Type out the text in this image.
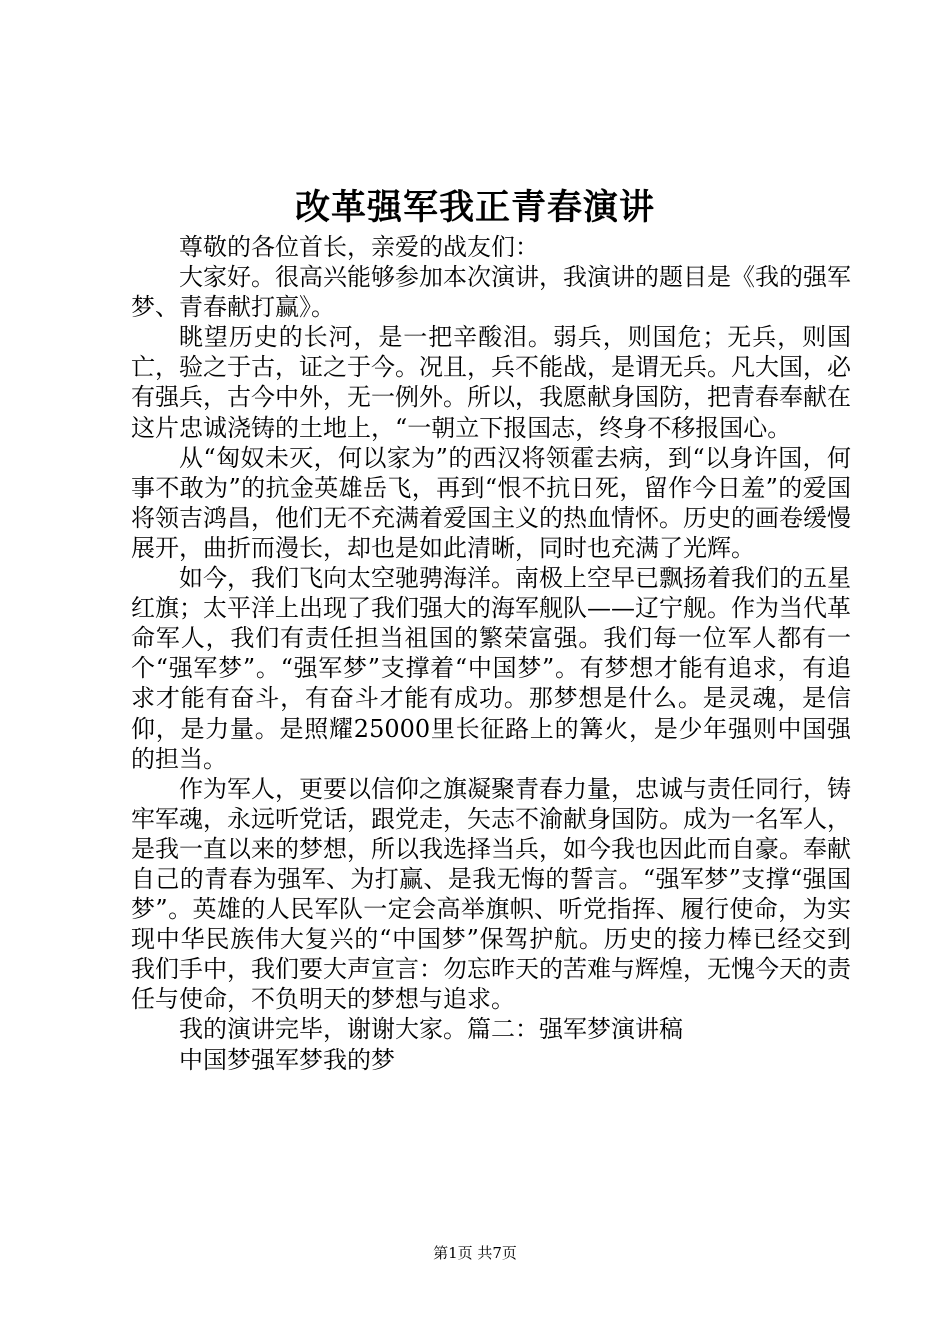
改革强军我正青春演讲

尊敬的各位首长，亲爱的战友们：

大家好。很高兴能够参加本次演讲，我演讲的题目是《我的强军梦、青春献打赢》。

眺望历史的长河，是一把辛酸泪。弱兵，则国危；无兵，则国亡，验之于古，证之于今。况且，兵不能战，是谓无兵。凡大国，必有强兵，古今中外，无一例外。所以，我愿献身国防，把青春奉献在这片忠诚浇铸的土地上，“一朝立下报国志，终身不移报国心。

从“匈奴未灭，何以家为”的西汉将领霍去病，到“以身许国，何事不敢为”的抗金英雄岳飞，再到“恨不抗日死，留作今日羞”的爱国将领吉鸿昌，他们无不充满着爱国主义的热血情怀。历史的画卷缓慢展开，曲折而漫长，却也是如此清晰，同时也充满了光辉。

如今，我们飞向太空驰骋海洋。南极上空早已飘扬着我们的五星红旗；太平洋上出现了我们强大的海军舰队——辽宁舰。作为当代革命军人，我们有责任担当祖国的繁荣富强。我们每一位军人都有一个“强军梦”。“强军梦”支撑着“中国梦”。有梦想才能有追求，有追求才能有奋斗，有奋斗才能有成功。那梦想是什么。是灵魂，是信仰，是力量。是照耀25000里长征路上的篝火，是少年强则中国强的担当。

作为军人，更要以信仰之旗凝聚青春力量，忠诚与责任同行，铸牢军魂，永远听党话，跟党走，矢志不渝献身国防。成为一名军人，是我一直以来的梦想，所以我选择当兵，如今我也因此而自豪。奉献自己的青春为强军、为打赢、是我无悔的誓言。“强军梦”支撑“强国梦”。英雄的人民军队一定会高举旗帜、听党指挥、履行使命，为实现中华民族伟大复兴的“中国梦”保驾护航。历史的接力棒已经交到我们手中，我们要大声宣言：勿忘昨天的苦难与辉煌，无愧今天的责任与使命，不负明天的梦想与追求。

我的演讲完毕，谢谢大家。篇二：强军梦演讲稿

中国梦强军梦我的梦

第1页 共7页
